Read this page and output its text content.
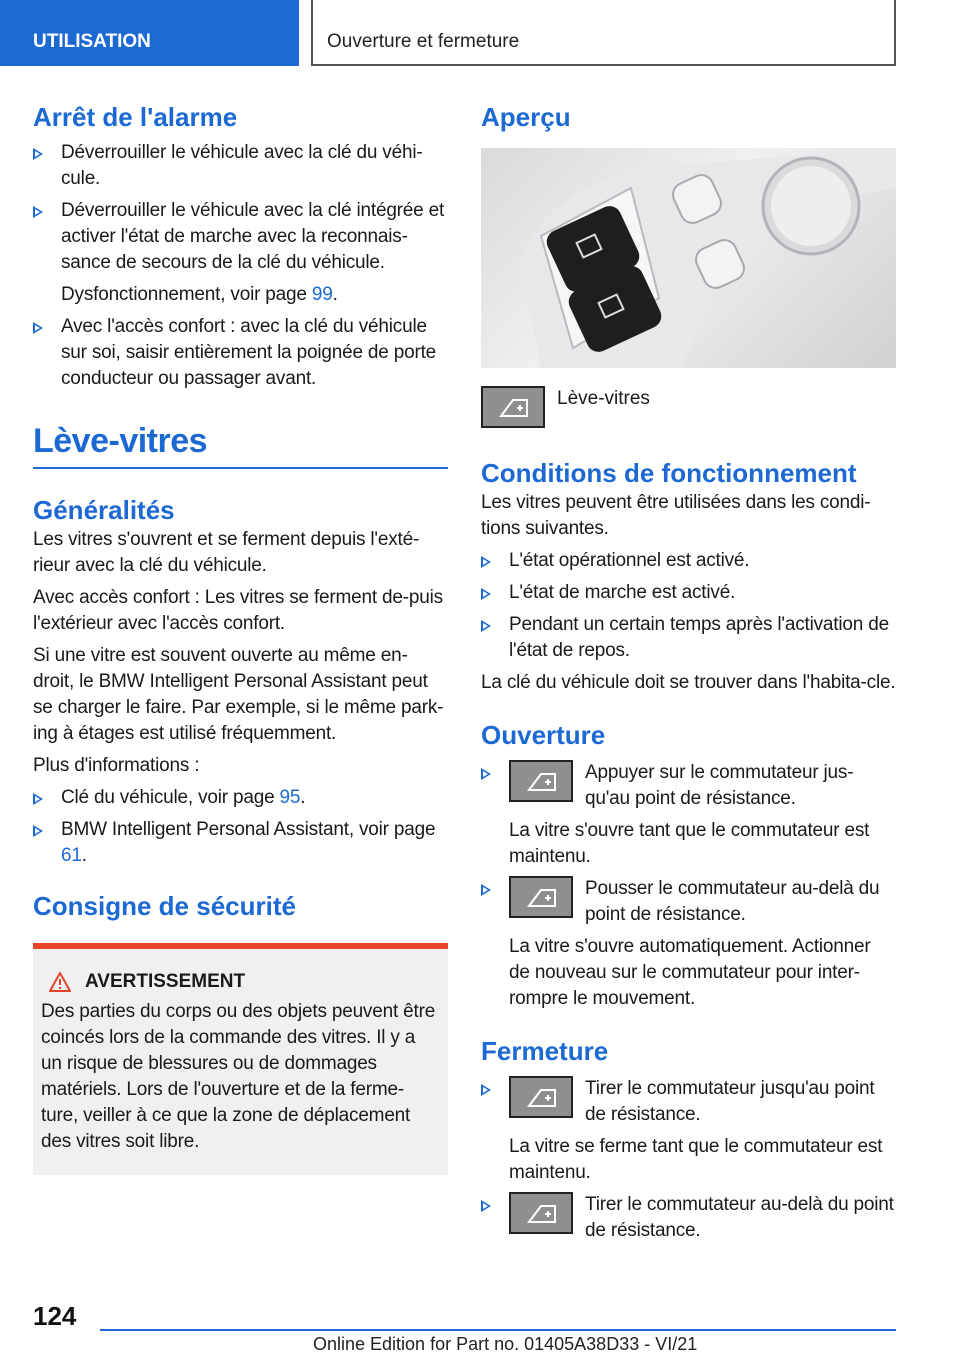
UTILISATION	Ouverture et fermeture
Arrêt de l'alarme
Déverrouiller le véhicule avec la clé du véhi-cule.
Déverrouiller le véhicule avec la clé intégrée et activer l'état de marche avec la reconnais-sance de secours de la clé du véhicule.

Dysfonctionnement, voir page 99.

Avec l'accès confort : avec la clé du véhicule sur soi, saisir entièrement la poignée de porte conducteur ou passager avant.
Lève-vitres
Généralités

Les vitres s'ouvrent et se ferment depuis l'exté-rieur avec la clé du véhicule.

Avec accès confort : Les vitres se ferment de-puis l'extérieur avec l'accès confort.

Si une vitre est souvent ouverte au même en-droit, le BMW Intelligent Personal Assistant peut se charger le faire. Par exemple, si le même park-ing à étages est utilisé fréquemment.

Plus d'informations :

Clé du véhicule, voir page 95.
BMW Intelligent Personal Assistant, voir page 61.
Consigne de sécurité
AVERTISSEMENT

Des parties du corps ou des objets peuvent être coincés lors de la commande des vitres. Il y a un risque de blessures ou de dommages matériels. Lors de l'ouverture et de la ferme-ture, veiller à ce que la zone de déplacement des vitres soit libre.

Aperçu
Lève-vitres
Conditions de fonctionnement

Les vitres peuvent être utilisées dans les condi-tions suivantes.

L'état opérationnel est activé.
L'état de marche est activé.
Pendant un certain temps après l'activation de l'état de repos.

La clé du véhicule doit se trouver dans l'habita-cle.

Ouverture
Appuyer sur le commutateur jus-qu'au point de résistance.
La vitre s'ouvre tant que le commutateur est maintenu.
Pousser le commutateur au-delà du point de résistance.
La vitre s'ouvre automatiquement. Actionner de nouveau sur le commutateur pour inter-rompre le mouvement.
Fermeture
Tirer le commutateur jusqu'au point de résistance.
La vitre se ferme tant que le commutateur est maintenu.
Tirer le commutateur au-delà du point de résistance.
124
Online Edition for Part no. 01405A38D33 - VI/21
